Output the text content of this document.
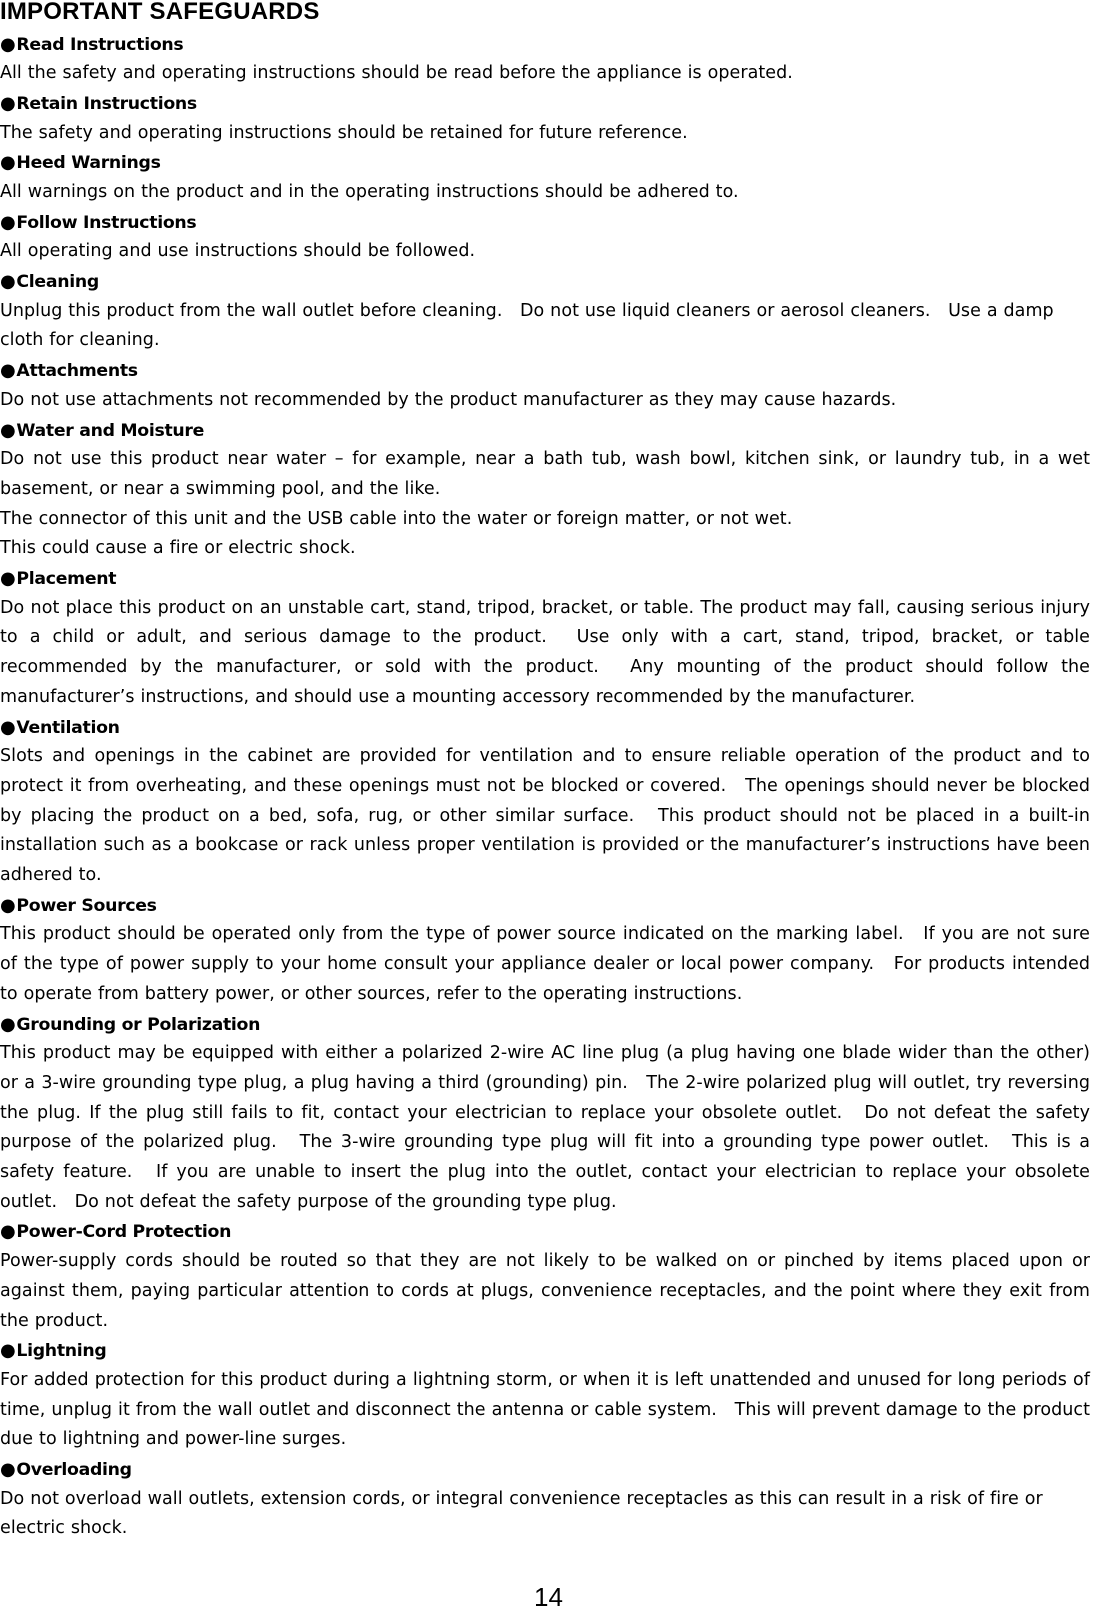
IMPORTANT SAFEGUARDS
●Read Instructions

All the safety and operating instructions should be read before the appliance is operated.

●Retain Instructions

The safety and operating instructions should be retained for future reference.

●Heed Warnings

All warnings on the product and in the operating instructions should be adhered to.

●Follow Instructions

All operating and use instructions should be followed.

●Cleaning

Unplug this product from the wall outlet before cleaning.　Do not use liquid cleaners or aerosol cleaners.　Use a damp cloth for cleaning.

●Attachments

Do not use attachments not recommended by the product manufacturer as they may cause hazards.

●Water and Moisture

Do not use this product near water – for example, near a bath tub, wash bowl, kitchen sink, or laundry tub, in a wet basement, or near a swimming pool, and the like.

The connector of this unit and the USB cable into the water or foreign matter, or not wet.

This could cause a fire or electric shock.

●Placement

Do not place this product on an unstable cart, stand, tripod, bracket, or table. The product may fall, causing serious injury to a child or adult, and serious damage to the product.　Use only with a cart, stand, tripod, bracket, or table recommended by the manufacturer, or sold with the product.　Any mounting of the product should follow the manufacturer’s instructions, and should use a mounting accessory recommended by the manufacturer.

●Ventilation

Slots and openings in the cabinet are provided for ventilation and to ensure reliable operation of the product and to protect it from overheating, and these openings must not be blocked or covered.　The openings should never be blocked by placing the product on a bed, sofa, rug, or other similar surface.　This product should not be placed in a built-in installation such as a bookcase or rack unless proper ventilation is provided or the manufacturer’s instructions have been adhered to.

●Power Sources

This product should be operated only from the type of power source indicated on the marking label.　If you are not sure of the type of power supply to your home consult your appliance dealer or local power company.　For products intended to operate from battery power, or other sources, refer to the operating instructions.

●Grounding or Polarization

This product may be equipped with either a polarized 2-wire AC line plug (a plug having one blade wider than the other) or a 3-wire grounding type plug, a plug having a third (grounding) pin.　The 2-wire polarized plug will outlet, try reversing the plug. If the plug still fails to fit, contact your electrician to replace your obsolete outlet.　Do not defeat the safety purpose of the polarized plug.　The 3-wire grounding type plug will fit into a grounding type power outlet.　This is a safety feature.　If you are unable to insert the plug into the outlet, contact your electrician to replace your obsolete outlet.　Do not defeat the safety purpose of the grounding type plug.

●Power-Cord Protection

Power-supply cords should be routed so that they are not likely to be walked on or pinched by items placed upon or against them, paying particular attention to cords at plugs, convenience receptacles, and the point where they exit from the product.

●Lightning

For added protection for this product during a lightning storm, or when it is left unattended and unused for long periods of time, unplug it from the wall outlet and disconnect the antenna or cable system.　This will prevent damage to the product due to lightning and power-line surges.

●Overloading

Do not overload wall outlets, extension cords, or integral convenience receptacles as this can result in a risk of fire or electric shock.

14
